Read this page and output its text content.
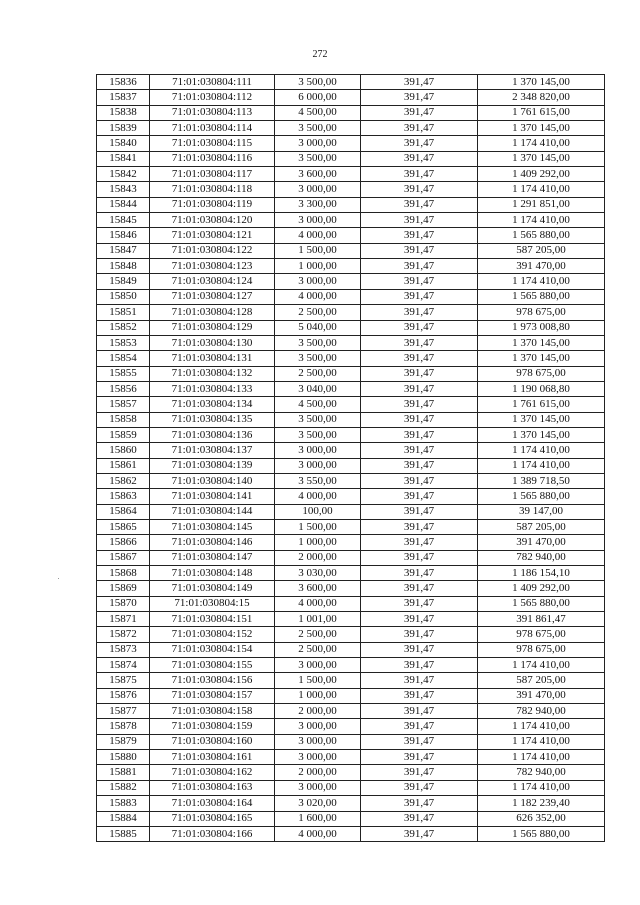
272
15836	71:01:030804:111	3 500,00	391,47	1 370 145,00
15837	71:01:030804:112	6 000,00	391,47	2 348 820,00
15838	71:01:030804:113	4 500,00	391,47	1 761 615,00
15839	71:01:030804:114	3 500,00	391,47	1 370 145,00
15840	71:01:030804:115	3 000,00	391,47	1 174 410,00
15841	71:01:030804:116	3 500,00	391,47	1 370 145,00
15842	71:01:030804:117	3 600,00	391,47	1 409 292,00
15843	71:01:030804:118	3 000,00	391,47	1 174 410,00
15844	71:01:030804:119	3 300,00	391,47	1 291 851,00
15845	71:01:030804:120	3 000,00	391,47	1 174 410,00
15846	71:01:030804:121	4 000,00	391,47	1 565 880,00
15847	71:01:030804:122	1 500,00	391,47	587 205,00
15848	71:01:030804:123	1 000,00	391,47	391 470,00
15849	71:01:030804:124	3 000,00	391,47	1 174 410,00
15850	71:01:030804:127	4 000,00	391,47	1 565 880,00
15851	71:01:030804:128	2 500,00	391,47	978 675,00
15852	71:01:030804:129	5 040,00	391,47	1 973 008,80
15853	71:01:030804:130	3 500,00	391,47	1 370 145,00
15854	71:01:030804:131	3 500,00	391,47	1 370 145,00
15855	71:01:030804:132	2 500,00	391,47	978 675,00
15856	71:01:030804:133	3 040,00	391,47	1 190 068,80
15857	71:01:030804:134	4 500,00	391,47	1 761 615,00
15858	71:01:030804:135	3 500,00	391,47	1 370 145,00
15859	71:01:030804:136	3 500,00	391,47	1 370 145,00
15860	71:01:030804:137	3 000,00	391,47	1 174 410,00
15861	71:01:030804:139	3 000,00	391,47	1 174 410,00
15862	71:01:030804:140	3 550,00	391,47	1 389 718,50
15863	71:01:030804:141	4 000,00	391,47	1 565 880,00
15864	71:01:030804:144	100,00	391,47	39 147,00
15865	71:01:030804:145	1 500,00	391,47	587 205,00
15866	71:01:030804:146	1 000,00	391,47	391 470,00
15867	71:01:030804:147	2 000,00	391,47	782 940,00
15868	71:01:030804:148	3 030,00	391,47	1 186 154,10
15869	71:01:030804:149	3 600,00	391,47	1 409 292,00
15870	71:01:030804:15	4 000,00	391,47	1 565 880,00
15871	71:01:030804:151	1 001,00	391,47	391 861,47
15872	71:01:030804:152	2 500,00	391,47	978 675,00
15873	71:01:030804:154	2 500,00	391,47	978 675,00
15874	71:01:030804:155	3 000,00	391,47	1 174 410,00
15875	71:01:030804:156	1 500,00	391,47	587 205,00
15876	71:01:030804:157	1 000,00	391,47	391 470,00
15877	71:01:030804:158	2 000,00	391,47	782 940,00
15878	71:01:030804:159	3 000,00	391,47	1 174 410,00
15879	71:01:030804:160	3 000,00	391,47	1 174 410,00
15880	71:01:030804:161	3 000,00	391,47	1 174 410,00
15881	71:01:030804:162	2 000,00	391,47	782 940,00
15882	71:01:030804:163	3 000,00	391,47	1 174 410,00
15883	71:01:030804:164	3 020,00	391,47	1 182 239,40
15884	71:01:030804:165	1 600,00	391,47	626 352,00
15885	71:01:030804:166	4 000,00	391,47	1 565 880,00
